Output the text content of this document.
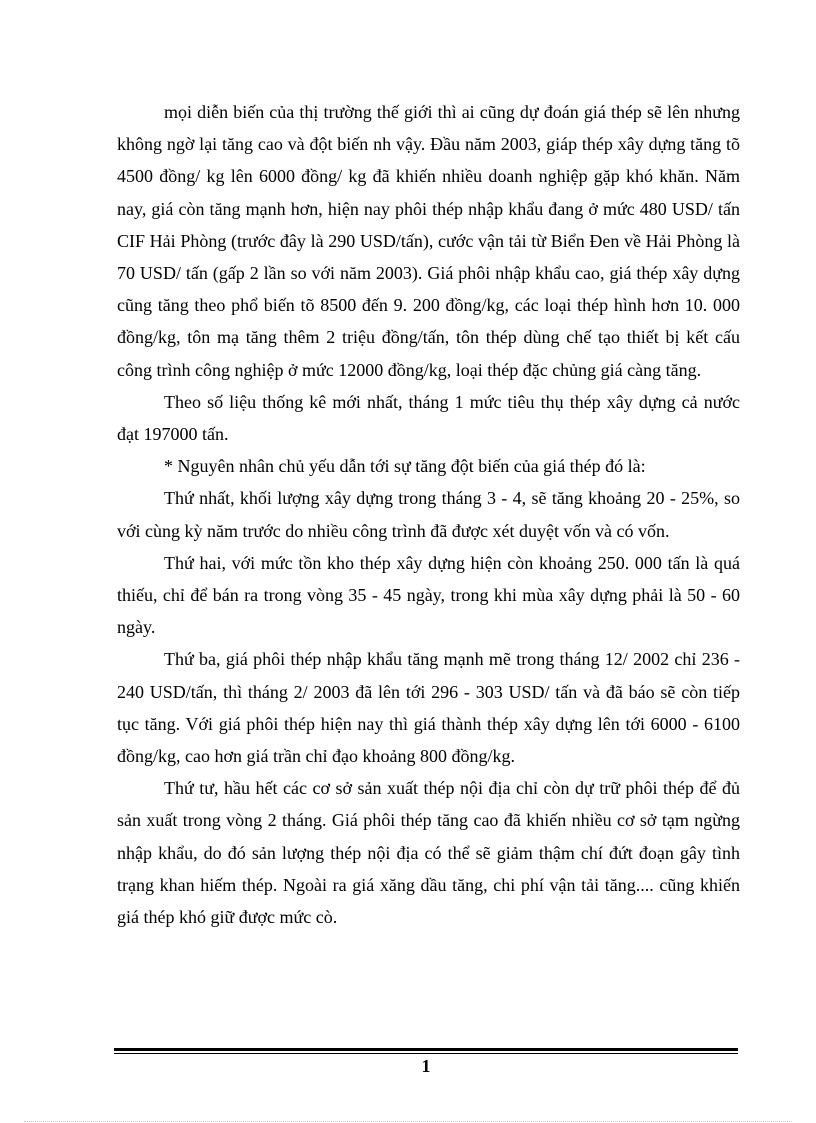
mọi diễn biến của thị trường thế giới thì ai cũng dự đoán giá thép sẽ lên nhưng không ngờ lại tăng cao và đột biến nh vậy. Đầu năm 2003, giáp thép xây dựng tăng tõ 4500 đồng/ kg lên 6000 đồng/ kg đã khiến nhiều doanh nghiệp gặp khó khăn. Năm nay, giá còn tăng mạnh hơn, hiện nay phôi thép nhập khẩu đang ở mức 480 USD/ tấn CIF Hải Phòng (trước đây là 290 USD/tấn), cước vận tải từ Biển Đen về Hải Phòng là 70 USD/ tấn (gấp 2 lần so với năm 2003). Giá phôi nhập khẩu cao, giá thép xây dựng cũng tăng theo phổ biến tõ 8500 đến 9. 200 đồng/kg, các loại thép hình hơn 10. 000 đồng/kg, tôn mạ tăng thêm 2 triệu đồng/tấn, tôn thép dùng chế tạo thiết bị kết cấu công trình công nghiệp ở mức 12000 đồng/kg, loại thép đặc chủng giá càng tăng.

Theo số liệu thống kê mới nhất, tháng 1 mức tiêu thụ thép xây dựng cả nước đạt 197000 tấn.

* Nguyên nhân chủ yếu dẫn tới sự tăng đột biến của giá thép đó là:

Thứ nhất, khối lượng xây dựng trong tháng 3 - 4, sẽ tăng khoảng 20 - 25%, so với cùng kỳ năm trước do nhiều công trình đã được xét duyệt vốn và có vốn.

Thứ hai, với mức tồn kho thép xây dựng hiện còn khoảng 250. 000 tấn là quá thiếu, chỉ để bán ra trong vòng 35 - 45 ngày, trong khi mùa xây dựng phải là 50 - 60 ngày.

Thứ ba, giá phôi thép nhập khẩu tăng mạnh mẽ trong tháng 12/ 2002 chỉ 236 - 240 USD/tấn, thì tháng 2/ 2003 đã lên tới 296 - 303 USD/ tấn và đã báo sẽ còn tiếp tục tăng. Với giá phôi thép hiện nay thì giá thành thép xây dựng lên tới 6000 - 6100 đồng/kg, cao hơn giá trần chỉ đạo khoảng 800 đồng/kg.

Thứ tư, hầu hết các cơ sở sản xuất thép nội địa chỉ còn dự trữ phôi thép để đủ sản xuất trong vòng 2 tháng. Giá phôi thép tăng cao đã khiến nhiều cơ sở tạm ngừng nhập khẩu, do đó sản lượng thép nội địa có thể sẽ giảm thậm chí đứt đoạn gây tình trạng khan hiếm thép. Ngoài ra giá xăng dầu tăng, chi phí vận tải tăng.... cũng khiến giá thép khó giữ được mức cò.

1
